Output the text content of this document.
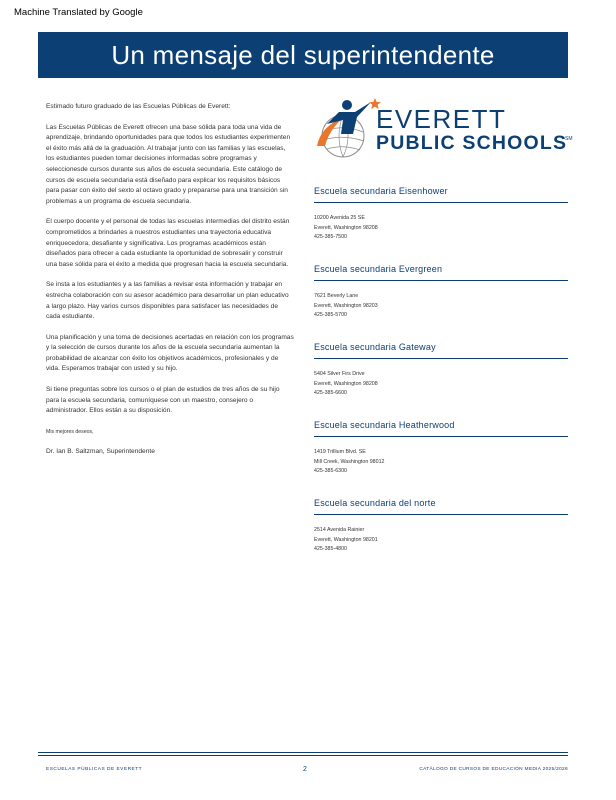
Machine Translated by Google
Un mensaje del superintendente

Estimado futuro graduado de las Escuelas Públicas de Everett:

Las Escuelas Públicas de Everett ofrecen una base sólida para toda una vida de aprendizaje, brindando oportunidades para que todos los estudiantes experimenten el éxito más allá de la graduación. Al trabajar junto con las familias y las escuelas, los estudiantes pueden tomar decisiones informadas sobre programas y seleccionesde cursos durante sus años de escuela secundaria. Este catálogo de cursos de escuela secundaria está diseñado para explicar los requisitos básicos para pasar con éxito del sexto al octavo grado y prepararse para una transición sin problemas a un programa de escuela secundaria.

El cuerpo docente y el personal de todas las escuelas intermedias del distrito están comprometidos a brindarles a nuestros estudiantes una trayectoria educativa enriquecedora, desafiante y significativa. Los programas académicos están diseñados para ofrecer a cada estudiante la oportunidad de sobresalir y construir una base sólida para el éxito a medida que progresan hacia la escuela secundaria.

Se insta a los estudiantes y a las familias a revisar esta información y trabajar en estrecha colaboración con su asesor académico para desarrollar un plan educativo a largo plazo. Hay varios cursos disponibles para satisfacer las necesidades de cada estudiante.

Una planificación y una toma de decisiones acertadas en relación con los programas y la selección de cursos durante los años de la escuela secundaria aumentan la probabilidad de alcanzar con éxito los objetivos académicos, profesionales y de vida. Esperamos trabajar con usted y su hijo.

Si tiene preguntas sobre los cursos o el plan de estudios de tres años de su hijo para la escuela secundaria, comuníquese con un maestro, consejero o administrador. Ellos están a su disposición.

Mis mejores deseos,

Dr. Ian B. Saltzman, Superintendente

EVERETT
PUBLIC SCHOOLS
SM
Escuela secundaria Eisenhower
10200 Avenida 25 SE
Everett, Washington 98208
425-385-7500
Escuela secundaria Evergreen
7621 Beverly Lane
Everett, Washington 98203
425-385-5700
Escuela secundaria Gateway
5404 Silver Firs Drive
Everett, Washington 98208
425-385-6600
Escuela secundaria Heatherwood
1419 Trillium Blvd. SE
Mill Creek, Washington 98012
425-385-6300
Escuela secundaria del norte
2514 Avenida Rainier
Everett, Washington 98201
425-385-4800
ESCUELAS PÚBLICAS DE EVERETT	2	CATÁLOGO DE CURSOS DE EDUCACIÓN MEDIA 2025/2026
